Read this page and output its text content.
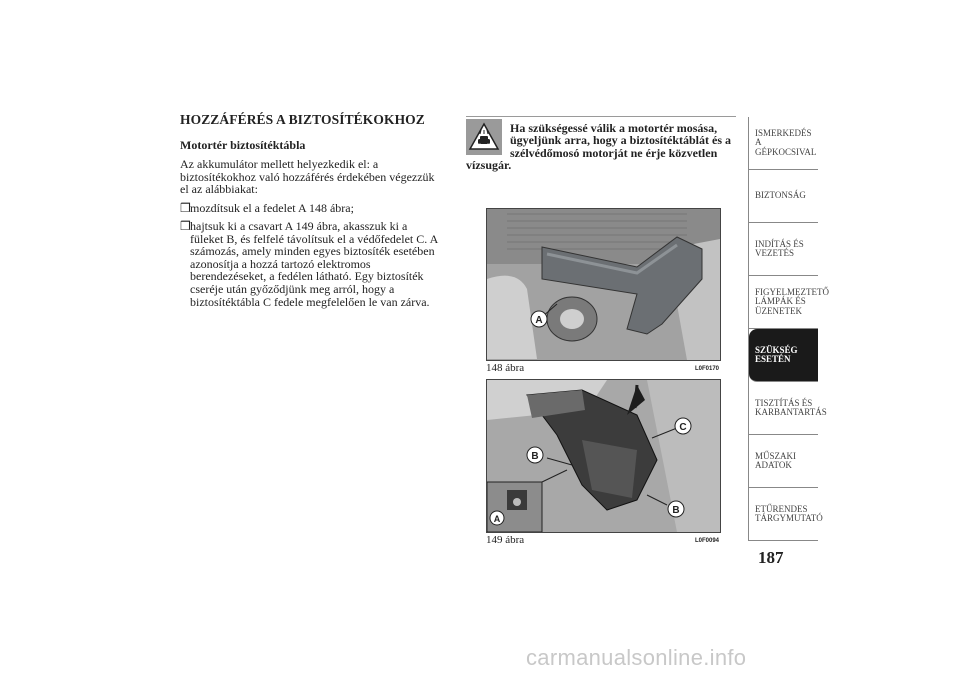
HOZZÁFÉRÉS A BIZTOSÍTÉKOKHOZ
Motortér biztosítéktábla
Az akkumulátor mellett helyezkedik el: a
biztosítékokhoz való hozzáférés érdekében végezzük
el az alábbiakat:
❒ mozdítsuk el a fedelet A 148 ábra;
❒ hajtsuk ki a csavart A 149 ábra, akasszuk ki a
füleket B, és felfelé távolítsuk el a védőfedelet C. A
számozás, amely minden egyes biztosíték esetében
azonosítja a hozzá tartozó elektromos
berendezéseket, a fedélen látható. Egy biztosíték
cseréje után győződjünk meg arról, hogy a
biztosítéktábla C fedele megfelelően le van zárva.
Ha szükségessé válik a motortér mosása,
ügyeljünk arra, hogy a biztosítéktáblát és a
szélvédőmosó motorját ne érje közvetlen
vízsugár.
A
148 ábra	L0F0170
C
B
B
A
149 ábra	L0F0094
ISMERKEDÉS A
GÉPKOCSIVAL
BIZTONSÁG
INDÍTÁS ÉS
VEZETÉS
FIGYELMEZTETŐ
LÁMPÁK ÉS
ÜZENETEK
SZÜKSÉG ESETÉN
TISZTÍTÁS ÉS
KARBANTARTÁS
MŰSZAKI ADATOK
ETŰRENDES
TÁRGYMUTATÓ
187
carmanualsonline.info
